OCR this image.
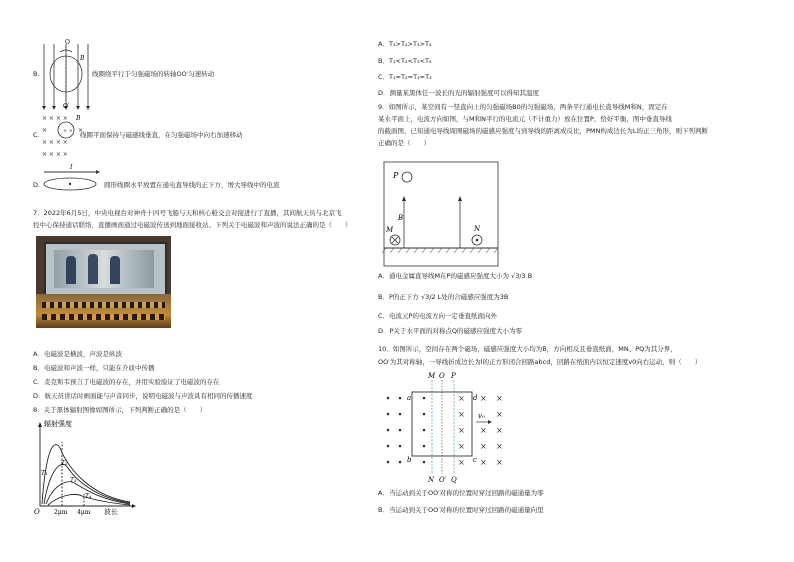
O
O′
B
B.	线圈绕平行于匀强磁场的转轴OO′匀速转动
× × × ×
×	×
× × × ×
× × × ×
× ×
B
C.	线圈平面保持与磁感线垂直，在匀强磁场中向右加速移动
I
D.	圆形线圈水平放置在通电直导线的正下方，增大导线中的电流
7．2022年6月5日，中央电视台对神舟十四号飞船与天和核心舱交会对接进行了直播，其间航天员与北京飞
控中心保持通话联络，直播画面通过电磁波传送到地面接收站。下列关于电磁波和声波的说法正确的是（　　）
A．电磁波是横波，声波是纵波
B．电磁波和声波一样，只能在介质中传播
C．麦克斯韦预言了电磁波的存在，并用实验验证了电磁波的存在
D．航天员讲话时画面能与声音同步，说明电磁波与声波具有相同的传播速度
8．关于黑体辐射图像如图所示，下列判断正确的是（　　）
辐射强度
O 2μm 4μm 波长
T₁
T₂
T₃
T₄
A．T₁>T₂>T₃>T₄
B．T₁<T₂<T₃<T₄
C．T₁=T₂=T₃=T₄
D．测量某黑体任一波长的光的辐射强度可以得知其温度
9．如图所示，某空间有一竖直向上的匀强磁场B0的匀强磁场，两条平行通电长直导线M和N，固定在
某水平面上，电流方向如图，与M和N平行的电流元（不计重力）放在位置P，恰好平衡，图中垂直导线
的截面图，已知通电导线周围磁场的磁感应强度与到导线的距离成反比，PMN构成边长为L的正三角形，则下列判断
正确的是（　　）
P
B
M	N
A．通电金属直导线M在P的磁感应强度大小为 √3/3 B
B．P的正下方 √3/2 L处的合磁感应强度为3B
C．电流元P的电流方向一定垂直纸面向外
D．P关于水平面的对称点Q的磁感应强度大小为零
10．如图所示，空间存在两个磁场，磁感应强度大小均为B，方向相反且垂直纸面，MN、PQ为其分界，
OO′为其对称轴，一导线折成边长为l的正方形闭合回路abcd，回路在纸面内以恒定速度v0向右运动，则（　　）
× × ×
×	×
× × ×
× × ×
× × ×
M O P
N O′ Q
a
b	c
d
v₀
A．当运动到关于OO′对称的位置时穿过回路的磁通量为零
B．当运动到关于OO′对称的位置时穿过回路的磁通量向里
